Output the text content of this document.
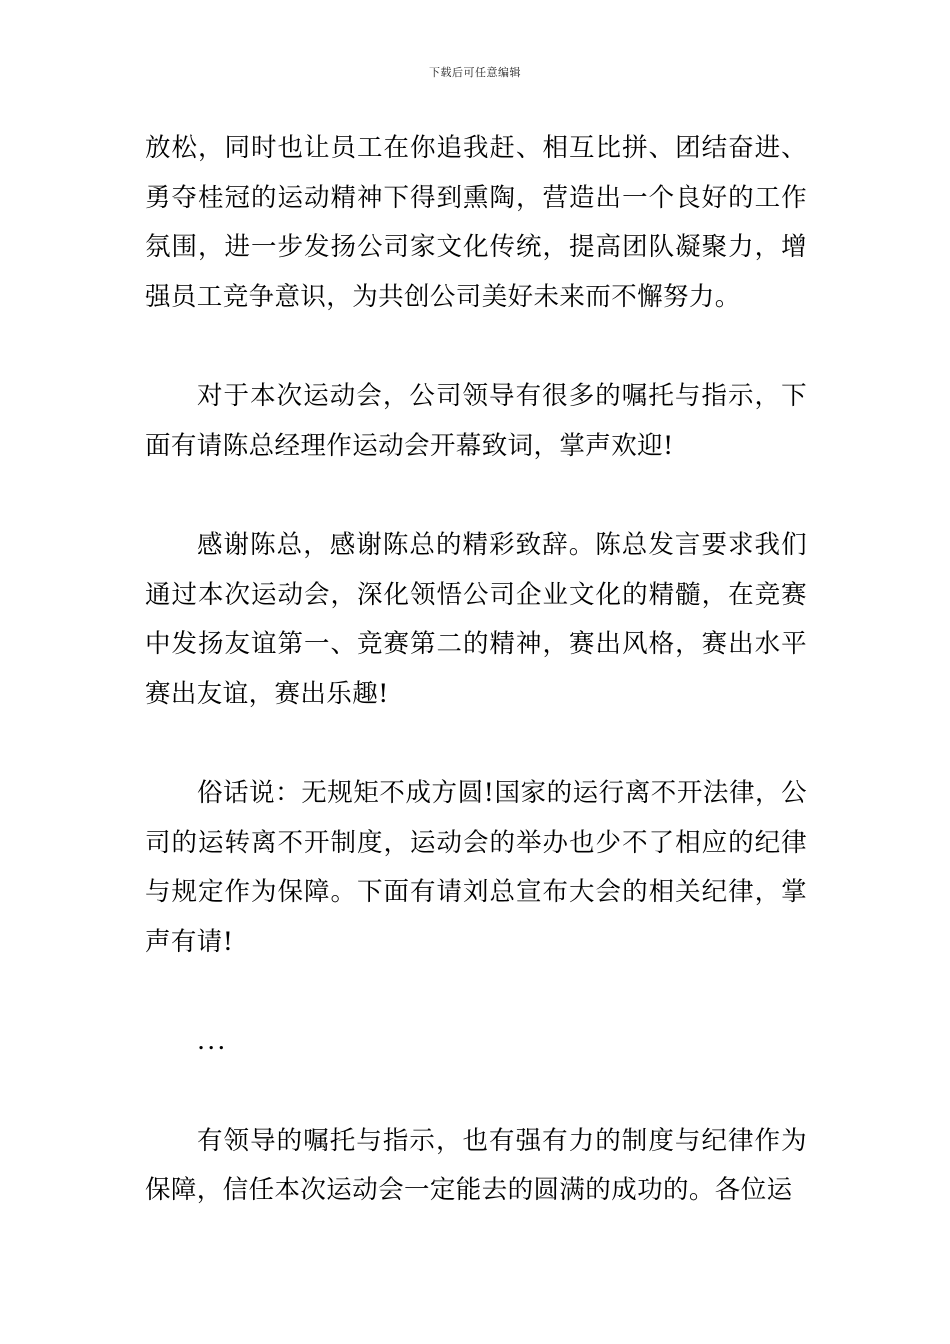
下载后可任意编辑

放松，同时也让员工在你追我赶、相互比拼、团结奋进、勇夺桂冠的运动精神下得到熏陶，营造出一个良好的工作氛围，进一步发扬公司家文化传统，提高团队凝聚力，增强员工竞争意识，为共创公司美好未来而不懈努力。

对于本次运动会，公司领导有很多的嘱托与指示，下面有请陈总经理作运动会开幕致词，掌声欢迎!

感谢陈总，感谢陈总的精彩致辞。陈总发言要求我们通过本次运动会，深化领悟公司企业文化的精髓，在竞赛中发扬友谊第一、竞赛第二的精神，赛出风格，赛出水平赛出友谊，赛出乐趣!

俗话说：无规矩不成方圆!国家的运行离不开法律，公司的运转离不开制度，运动会的举办也少不了相应的纪律与规定作为保障。下面有请刘总宣布大会的相关纪律，掌声有请!

...

有领导的嘱托与指示，也有强有力的制度与纪律作为保障，信任本次运动会一定能去的圆满的成功的。各位运
